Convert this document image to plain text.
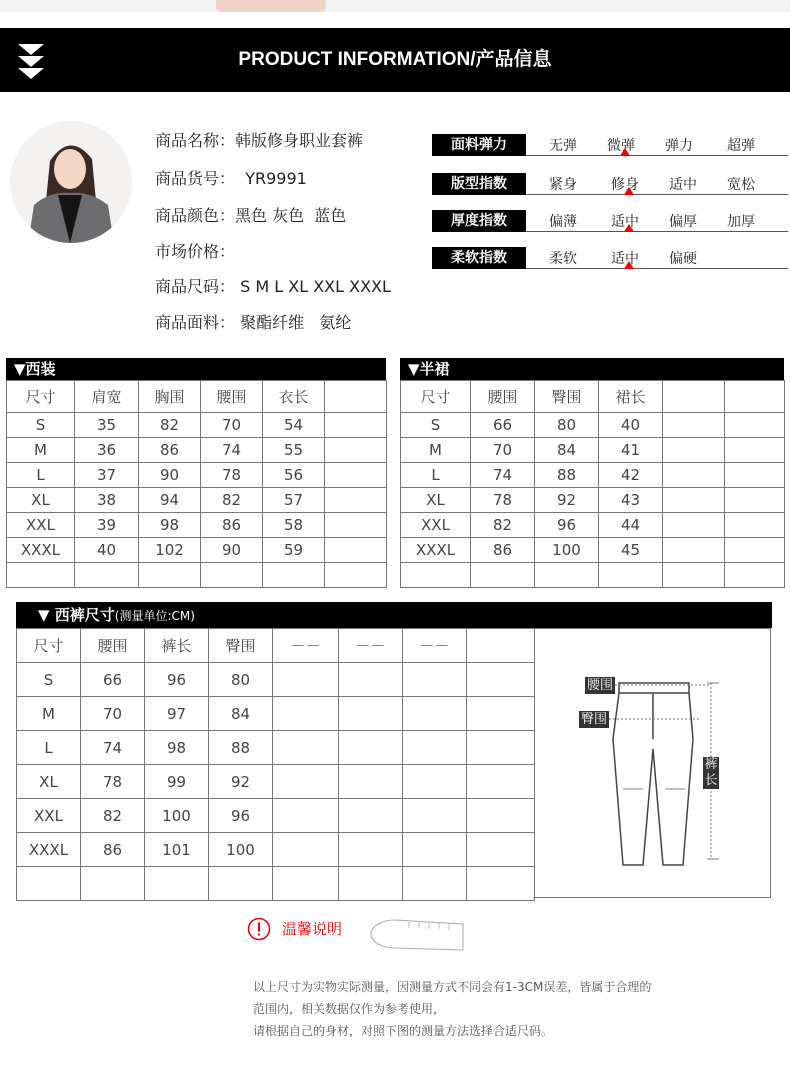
PRODUCT INFORMATION/产品信息
商品名称：韩版修身职业套裤
商品货号： YR9991
商品颜色：黑色 灰色  蓝色
市场价格：
商品尺码： S M L XL XXL XXXL
商品面料： 聚酯纤维   氨纶
面料弹力	无弹 微弹 弹力 超弹
版型指数	紧身 修身 适中 宽松
厚度指数	偏薄 适中 偏厚 加厚
柔软指数	柔软 适中 偏硬
▼西装
尺寸	肩宽	胸围	腰围	衣长	
S	35	82	70	54	
M	36	86	74	55	
L	37	90	78	56	
XL	38	94	82	57	
XXL	39	98	86	58	
XXXL	40	102	90	59	

▼半裙
尺寸	腰围	臀围	裙长		
S	66	80	40		
M	70	84	41		
L	74	88	42		
XL	78	92	43		
XXL	82	96	44		
XXXL	86	100	45		

▼ 西裤尺寸(测量单位:CM)
尺寸	腰围	裤长	臀围	－－	－－	－－	
S	66	96	80				
M	70	97	84				
L	74	98	88				
XL	78	99	92				
XXL	82	100	96				
XXXL	86	101	100				

腰围
臀围
裤长
温馨说明
以上尺寸为实物实际测量，因测量方式不同会有1-3CM误差，皆属于合理的
范围内，相关数据仅作为参考使用，
请根据自己的身材，对照下图的测量方法选择合适尺码。
